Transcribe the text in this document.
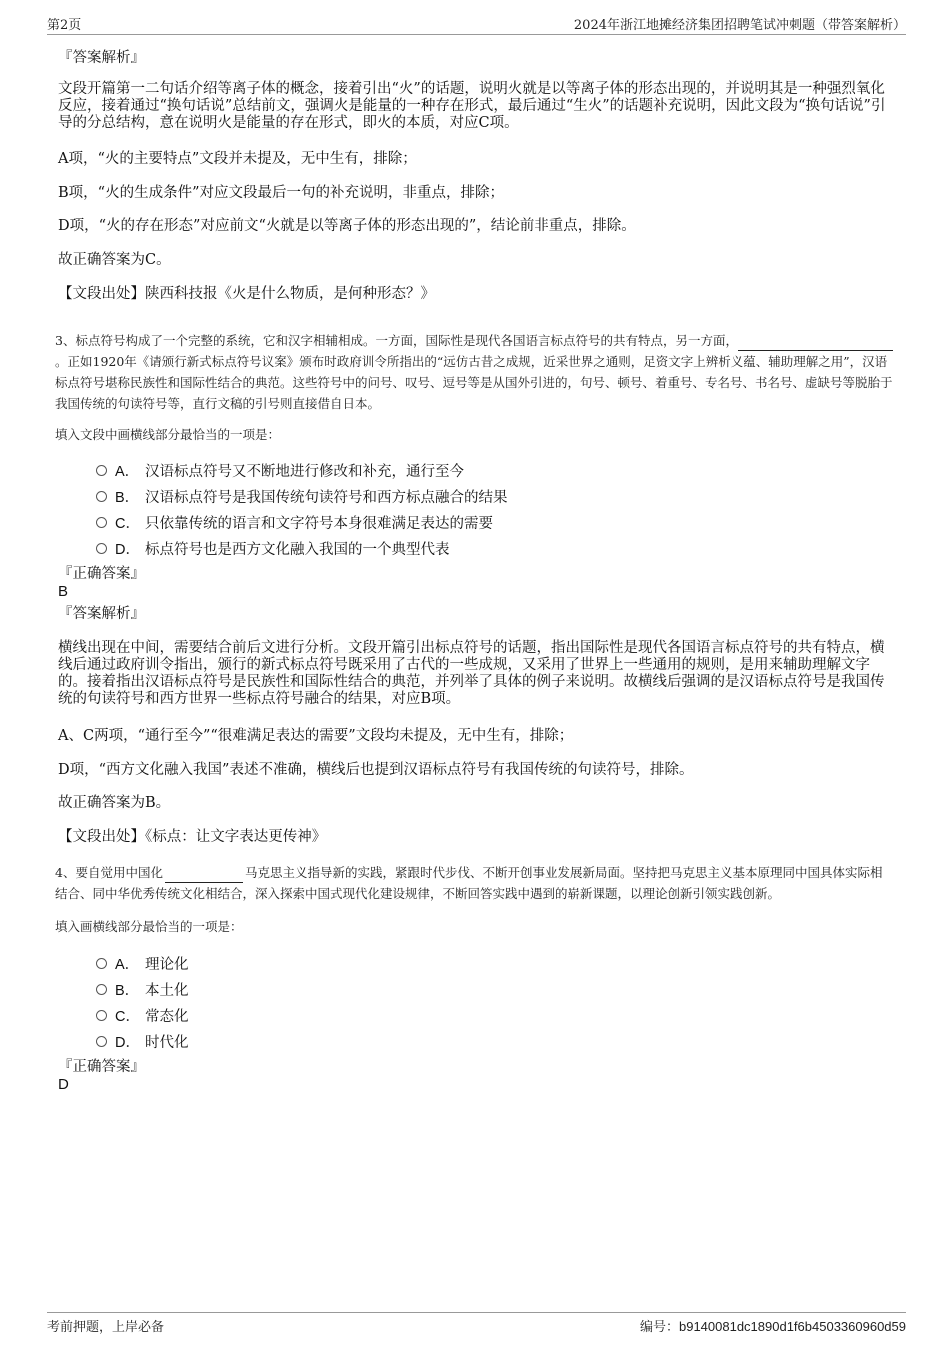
第2页	2024年浙江地摊经济集团招聘笔试冲刺题（带答案解析）
『答案解析』
文段开篇第一二句话介绍等离子体的概念，接着引出“火”的话题，说明火就是以等离子体的形态出现的，并说明其是一种强烈氧化反应，接着通过“换句话说”总结前文，强调火是能量的一种存在形式，最后通过“生火”的话题补充说明，因此文段为“换句话说”引导的分总结构，意在说明火是能量的存在形式，即火的本质，对应C项。
A项，“火的主要特点”文段并未提及，无中生有，排除；
B项，“火的生成条件”对应文段最后一句的补充说明，非重点，排除；
D项，“火的存在形态”对应前文“火就是以等离子体的形态出现的”，结论前非重点，排除。
故正确答案为C。
【文段出处】陕西科技报《火是什么物质，是何种形态？》
3、标点符号构成了一个完整的系统，它和汉字相辅相成。一方面，国际性是现代各国语言标点符号的共有特点，另一方面，。正如1920年《请颁行新式标点符号议案》颁布时政府训令所指出的“远仿古昔之成规，近采世界之通则，足资文字上辨析义蕴、辅助理解之用”，汉语标点符号堪称民族性和国际性结合的典范。这些符号中的问号、叹号、逗号等是从国外引进的，句号、顿号、着重号、专名号、书名号、虚缺号等脱胎于我国传统的句读符号等，直行文稿的引号则直接借自日本。
填入文段中画横线部分最恰当的一项是：
A． 汉语标点符号又不断地进行修改和补充，通行至今
B． 汉语标点符号是我国传统句读符号和西方标点融合的结果
C． 只依靠传统的语言和文字符号本身很难满足表达的需要
D． 标点符号也是西方文化融入我国的一个典型代表
『正确答案』
B
『答案解析』
横线出现在中间，需要结合前后文进行分析。文段开篇引出标点符号的话题，指出国际性是现代各国语言标点符号的共有特点，横线后通过政府训令指出，颁行的新式标点符号既采用了古代的一些成规，又采用了世界上一些通用的规则，是用来辅助理解文字的。接着指出汉语标点符号是民族性和国际性结合的典范，并列举了具体的例子来说明。故横线后强调的是汉语标点符号是我国传统的句读符号和西方世界一些标点符号融合的结果，对应B项。
A、C两项，“通行至今”“很难满足表达的需要”文段均未提及，无中生有，排除；
D项，“西方文化融入我国”表述不准确，横线后也提到汉语标点符号有我国传统的句读符号，排除。
故正确答案为B。
【文段出处】《标点：让文字表达更传神》
4、要自觉用中国化	马克思主义指导新的实践，紧跟时代步伐、不断开创事业发展新局面。坚持把马克思主义基本原理同中国具体实际相结合、同中华优秀传统文化相结合，深入探索中国式现代化建设规律，不断回答实践中遇到的崭新课题，以理论创新引领实践创新。
填入画横线部分最恰当的一项是：
A． 理论化
B． 本土化
C． 常态化
D． 时代化
『正确答案』
D
考前押题，上岸必备	编号：b9140081dc1890d1f6b4503360960d59
